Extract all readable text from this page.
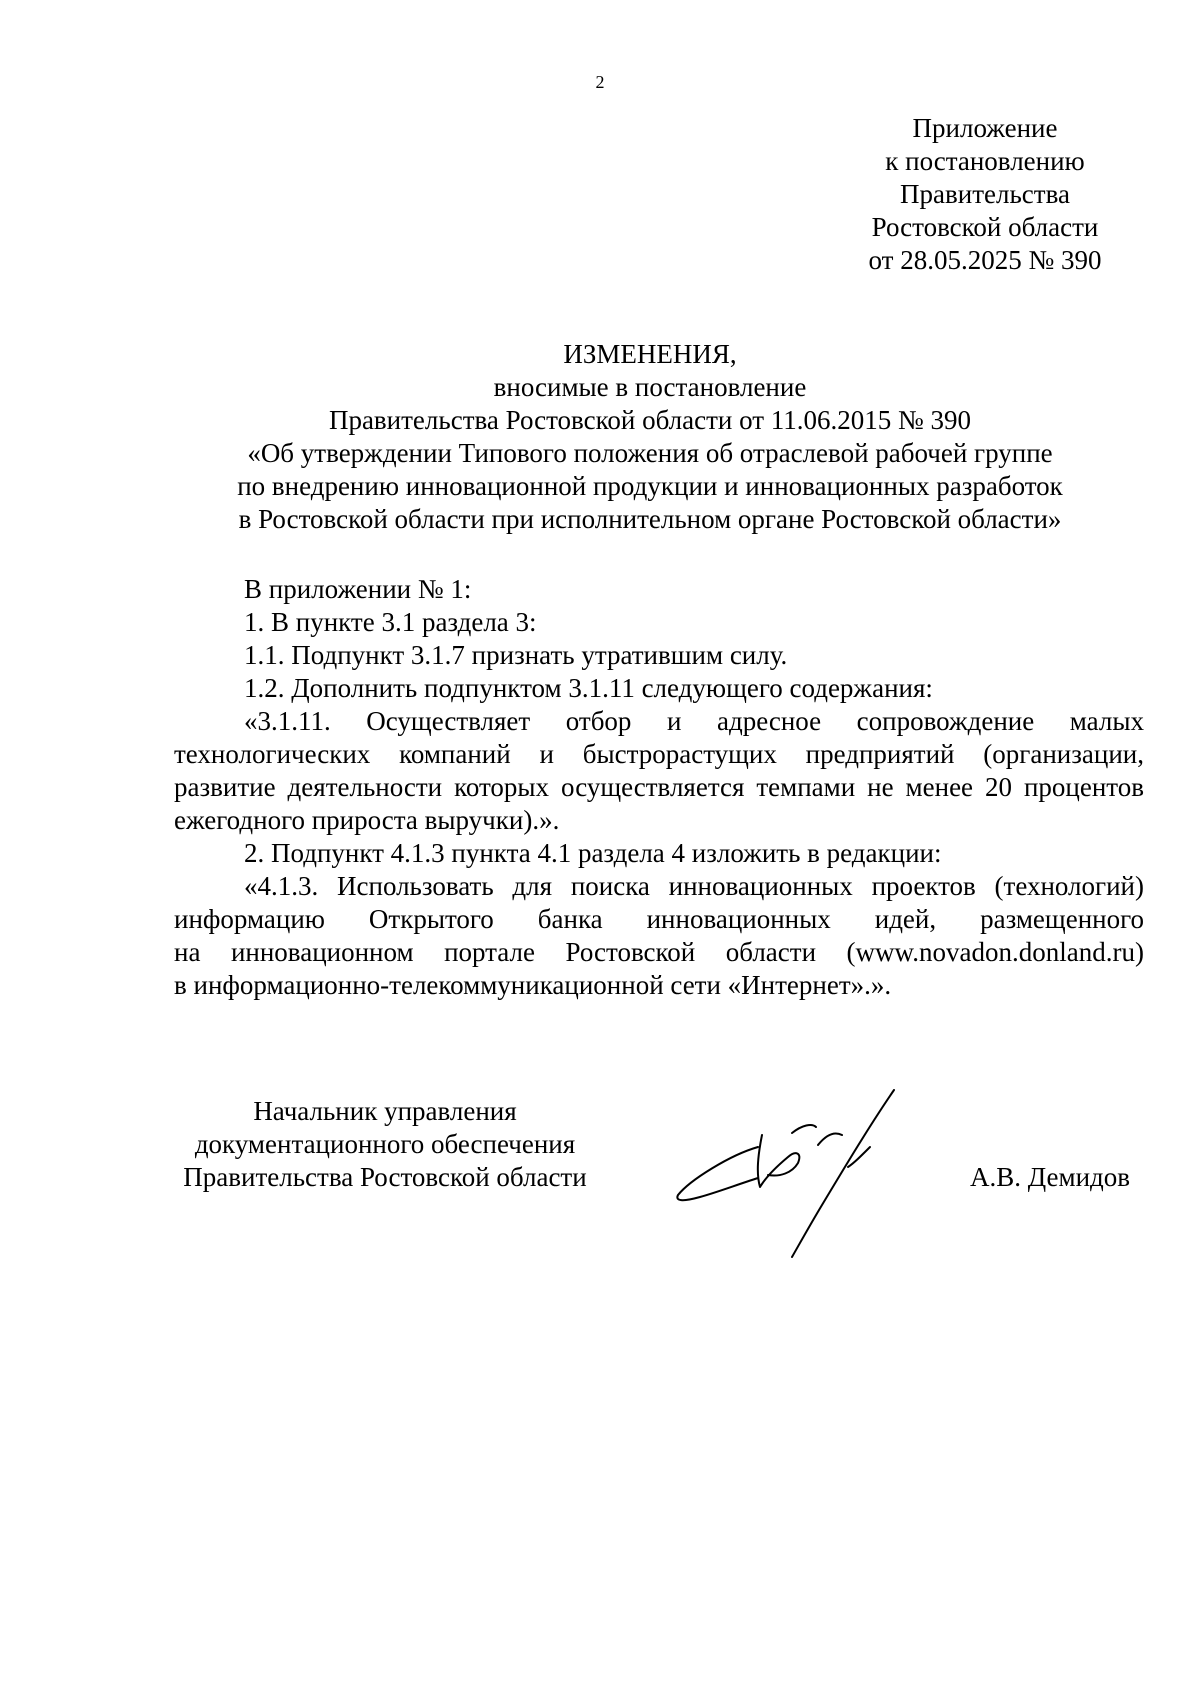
2
Приложение
к постановлению
Правительства
Ростовской области
от 28.05.2025 № 390
ИЗМЕНЕНИЯ,
вносимые в постановление
Правительства Ростовской области от 11.06.2015 № 390
«Об утверждении Типового положения об отраслевой рабочей группе
по внедрению инновационной продукции и инновационных разработок
в Ростовской области при исполнительном органе Ростовской области»
В приложении № 1:
1. В пункте 3.1 раздела 3:
1.1. Подпункт 3.1.7 признать утратившим силу.
1.2. Дополнить подпунктом 3.1.11 следующего содержания:
«3.1.11. Осуществляет отбор и адресное сопровождение малых
технологических компаний и быстрорастущих предприятий (организации,
развитие деятельности которых осуществляется темпами не менее 20 процентов
ежегодного прироста выручки).».
2. Подпункт 4.1.3 пункта 4.1 раздела 4 изложить в редакции:
«4.1.3. Использовать для поиска инновационных проектов (технологий)
информацию Открытого банка инновационных идей, размещенного
на инновационном портале Ростовской области (www.novadon.donland.ru)
в информационно-телекоммуникационной сети «Интернет».».
Начальник управления
документационного обеспечения
Правительства Ростовской области	А.В. Демидов
